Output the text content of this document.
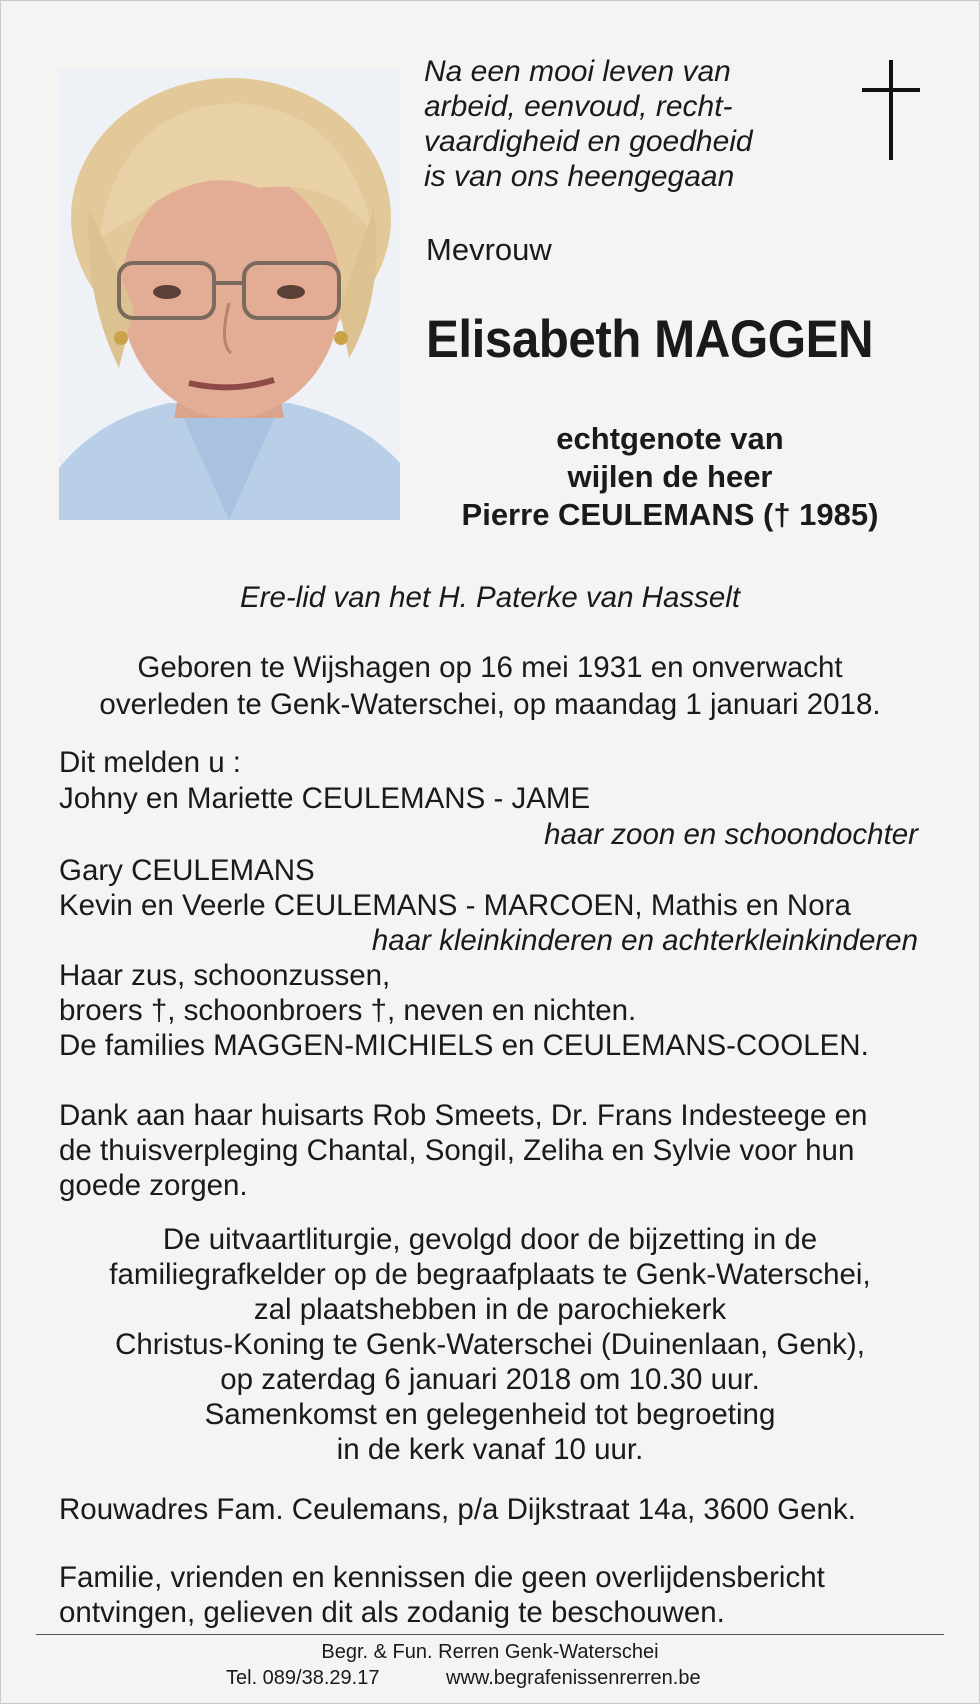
Na een mooi leven van
arbeid, eenvoud, recht-
vaardigheid en goedheid
is van ons heengegaan
Mevrouw
Elisabeth MAGGEN
echtgenote van
wijlen de heer
Pierre CEULEMANS († 1985)
Ere-lid van het H. Paterke van Hasselt
Geboren te Wijshagen op 16 mei 1931 en onverwacht
overleden te Genk-Waterschei, op maandag 1 januari 2018.
Dit melden u :
Johny en Mariette CEULEMANS - JAME
haar zoon en schoondochter
Gary CEULEMANS
Kevin en Veerle CEULEMANS - MARCOEN, Mathis en Nora
haar kleinkinderen en achterkleinkinderen
Haar zus, schoonzussen,
broers †, schoonbroers †, neven en nichten.
De families MAGGEN-MICHIELS en CEULEMANS-COOLEN.
Dank aan haar huisarts Rob Smeets, Dr. Frans Indesteege en
de thuisverpleging Chantal, Songil, Zeliha en Sylvie voor hun
goede zorgen.
De uitvaartliturgie, gevolgd door de bijzetting in de
familiegrafkelder op de begraafplaats te Genk-Waterschei,
zal plaatshebben in de parochiekerk
Christus-Koning te Genk-Waterschei (Duinenlaan, Genk),
op zaterdag 6 januari 2018 om 10.30 uur.
Samenkomst en gelegenheid tot begroeting
in de kerk vanaf 10 uur.
Rouwadres Fam. Ceulemans, p/a Dijkstraat 14a, 3600 Genk.
Familie, vrienden en kennissen die geen overlijdensbericht
ontvingen, gelieven dit als zodanig te beschouwen.
Begr. & Fun. Rerren Genk-Waterschei
Tel. 089/38.29.17	www.begrafenissenrerren.be
